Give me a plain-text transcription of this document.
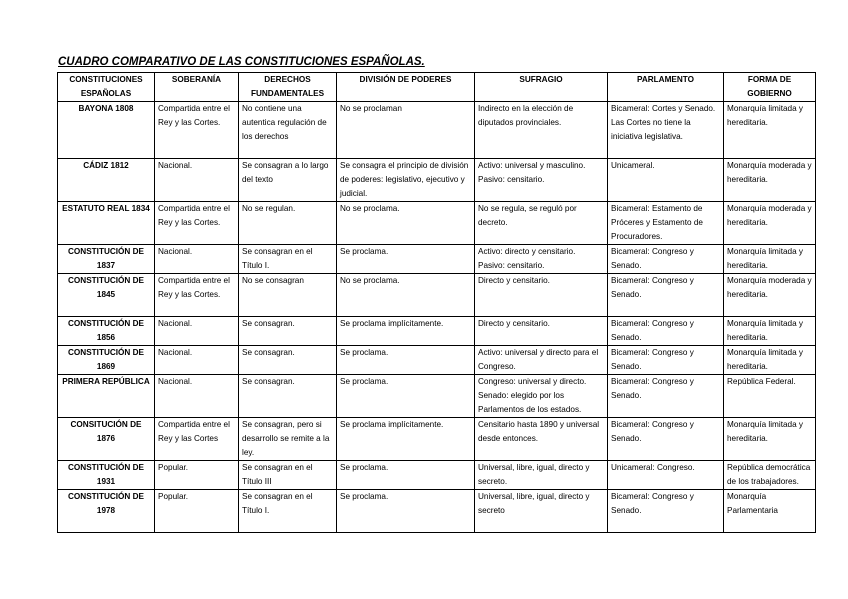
CUADRO COMPARATIVO DE LAS CONSTITUCIONES ESPAÑOLAS.
CONSTITUCIONES ESPAÑOLAS	SOBERANÍA	DERECHOS FUNDAMENTALES	DIVISIÓN DE PODERES	SUFRAGIO	PARLAMENTO	FORMA DE GOBIERNO
BAYONA 1808	Compartida entre el Rey y las Cortes.	No contiene una autentica regulación de los derechos	No se proclaman	Indirecto en la elección de diputados provinciales.	Bicameral: Cortes y Senado. Las Cortes no tiene la iniciativa legislativa.	Monarquía limitada y hereditaria.
CÁDIZ 1812	Nacional.	Se consagran a lo largo del texto	Se consagra el principio de división de poderes: legislativo, ejecutivo y judicial.	Activo: universal y masculino. Pasivo: censitario.	Unicameral.	Monarquía moderada y hereditaria.
ESTATUTO REAL 1834	Compartida entre el Rey y las Cortes.	No se regulan.	No se proclama.	No se regula, se reguló por decreto.	Bicameral: Estamento de Próceres y Estamento de Procuradores.	Monarquía moderada y hereditaria.
CONSTITUCIÓN DE 1837	Nacional.	Se consagran en el Título I.	Se proclama.	Activo: directo y censitario. Pasivo: censitario.	Bicameral: Congreso y Senado.	Monarquía limitada y hereditaria.
CONSTITUCIÓN DE 1845	Compartida entre el Rey y las Cortes.	No se consagran	No se proclama.	Directo y censitario.	Bicameral: Congreso y Senado.	Monarquía moderada y hereditaria.
CONSTITUCIÓN DE 1856	Nacional.	Se consagran.	Se proclama implícitamente.	Directo y censitario.	Bicameral: Congreso y Senado.	Monarquía limitada y hereditaria.
CONSTITUCIÓN DE 1869	Nacional.	Se consagran.	Se proclama.	Activo: universal y directo para el Congreso.	Bicameral: Congreso y Senado.	Monarquía limitada y hereditaria.
PRIMERA REPÚBLICA	Nacional.	Se consagran.	Se proclama.	Congreso: universal y directo. Senado: elegido por los Parlamentos de los estados.	Bicameral: Congreso y Senado.	República Federal.
CONSITUCIÓN DE 1876	Compartida entre el Rey y las Cortes	Se consagran, pero si desarrollo se remite a la ley.	Se proclama implícitamente.	Censitario hasta 1890 y universal desde entonces.	Bicameral: Congreso y Senado.	Monarquía limitada y hereditaria.
CONSTITUCIÓN DE 1931	Popular.	Se consagran en el Título III	Se proclama.	Universal, libre, igual, directo y secreto.	Unicameral: Congreso.	República democrática de los trabajadores.
CONSTITUCIÓN DE 1978	Popular.	Se consagran en el Título I.	Se proclama.	Universal, libre, igual, directo y secreto	Bicameral: Congreso y Senado.	Monarquía Parlamentaria
